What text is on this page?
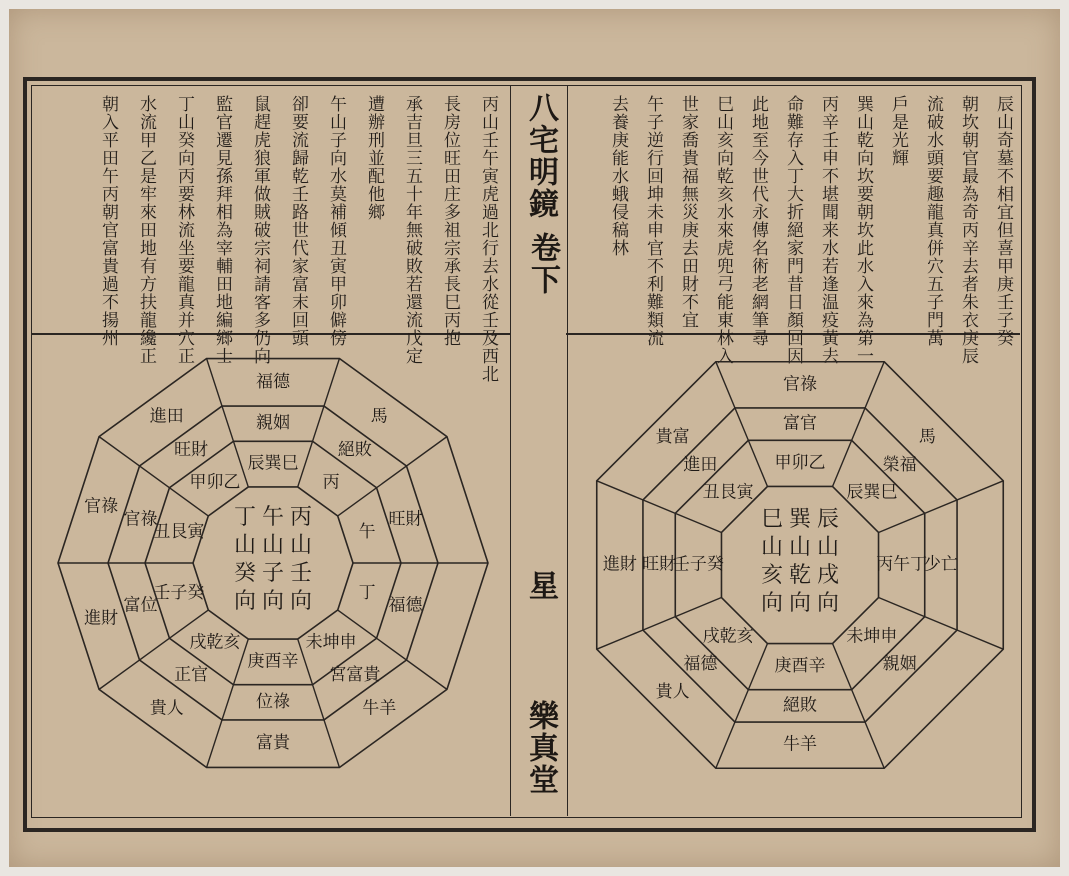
八宅明鏡
卷下
星
樂真堂
辰山奇墓不相宜但喜甲庚壬子癸
朝坎朝官最為奇丙辛去者朱衣庚辰
流破水頭要趣龍真併穴五子門萬
戶是光輝
巽山乾向坎要朝坎此水入來為第一
丙辛壬申不堪聞来水若逢温疫黃去
命難存入丁大折絕家門昔日顏回因
此地至今世代永傳名術老網筆尋
巳山亥向乾亥水來虎兜弓能東林入
世家喬貴福無災庚去田財不宜
午子逆行回坤未申官不利難類流
去養庚能水蛾侵稿林
丙山壬午寅虎過北行去水從壬及西北
長房位旺田庄多祖宗承長巳丙抱
承吉旦三五十年無破敗若還流戊定
遭辦刑並配他鄉
午山子向水莫補傾丑寅甲卯僻傍
卻要流歸乾壬路世代家富末回頭
鼠趕虎狼軍做賊破宗祠請客多仍向
監官遷見孫拜相為宰輔田地編鄉士
丁山癸向丙要林流坐要龍真并穴正
水流甲乙是牢來田地有方扶龍纔正
朝入平田午丙朝官富貴過不揚州
丙
山
壬
向
午
山
子
向
丁
山
癸
向
丙
午
丁
未坤申
庚酉辛
戌乾亥
壬子癸
丑艮寅
甲卯乙
辰巽巳
絕敗
旺財
福德
宮富貴
位祿
正官
富位
官祿
旺財
親姻	馬
牛羊
富貴
貴人
進財
官祿
進田
福德
辰
山
戌
向
巽
山
乾
向
巳
山
亥
向
辰巽巳
丙午丁
未坤申
庚酉辛
戌乾亥
壬子癸
丑艮寅
甲卯乙	榮福
少亡
親姻
絕敗
福德
旺財
進田
富官
馬
牛羊
貴人
進財
貴富
官祿
